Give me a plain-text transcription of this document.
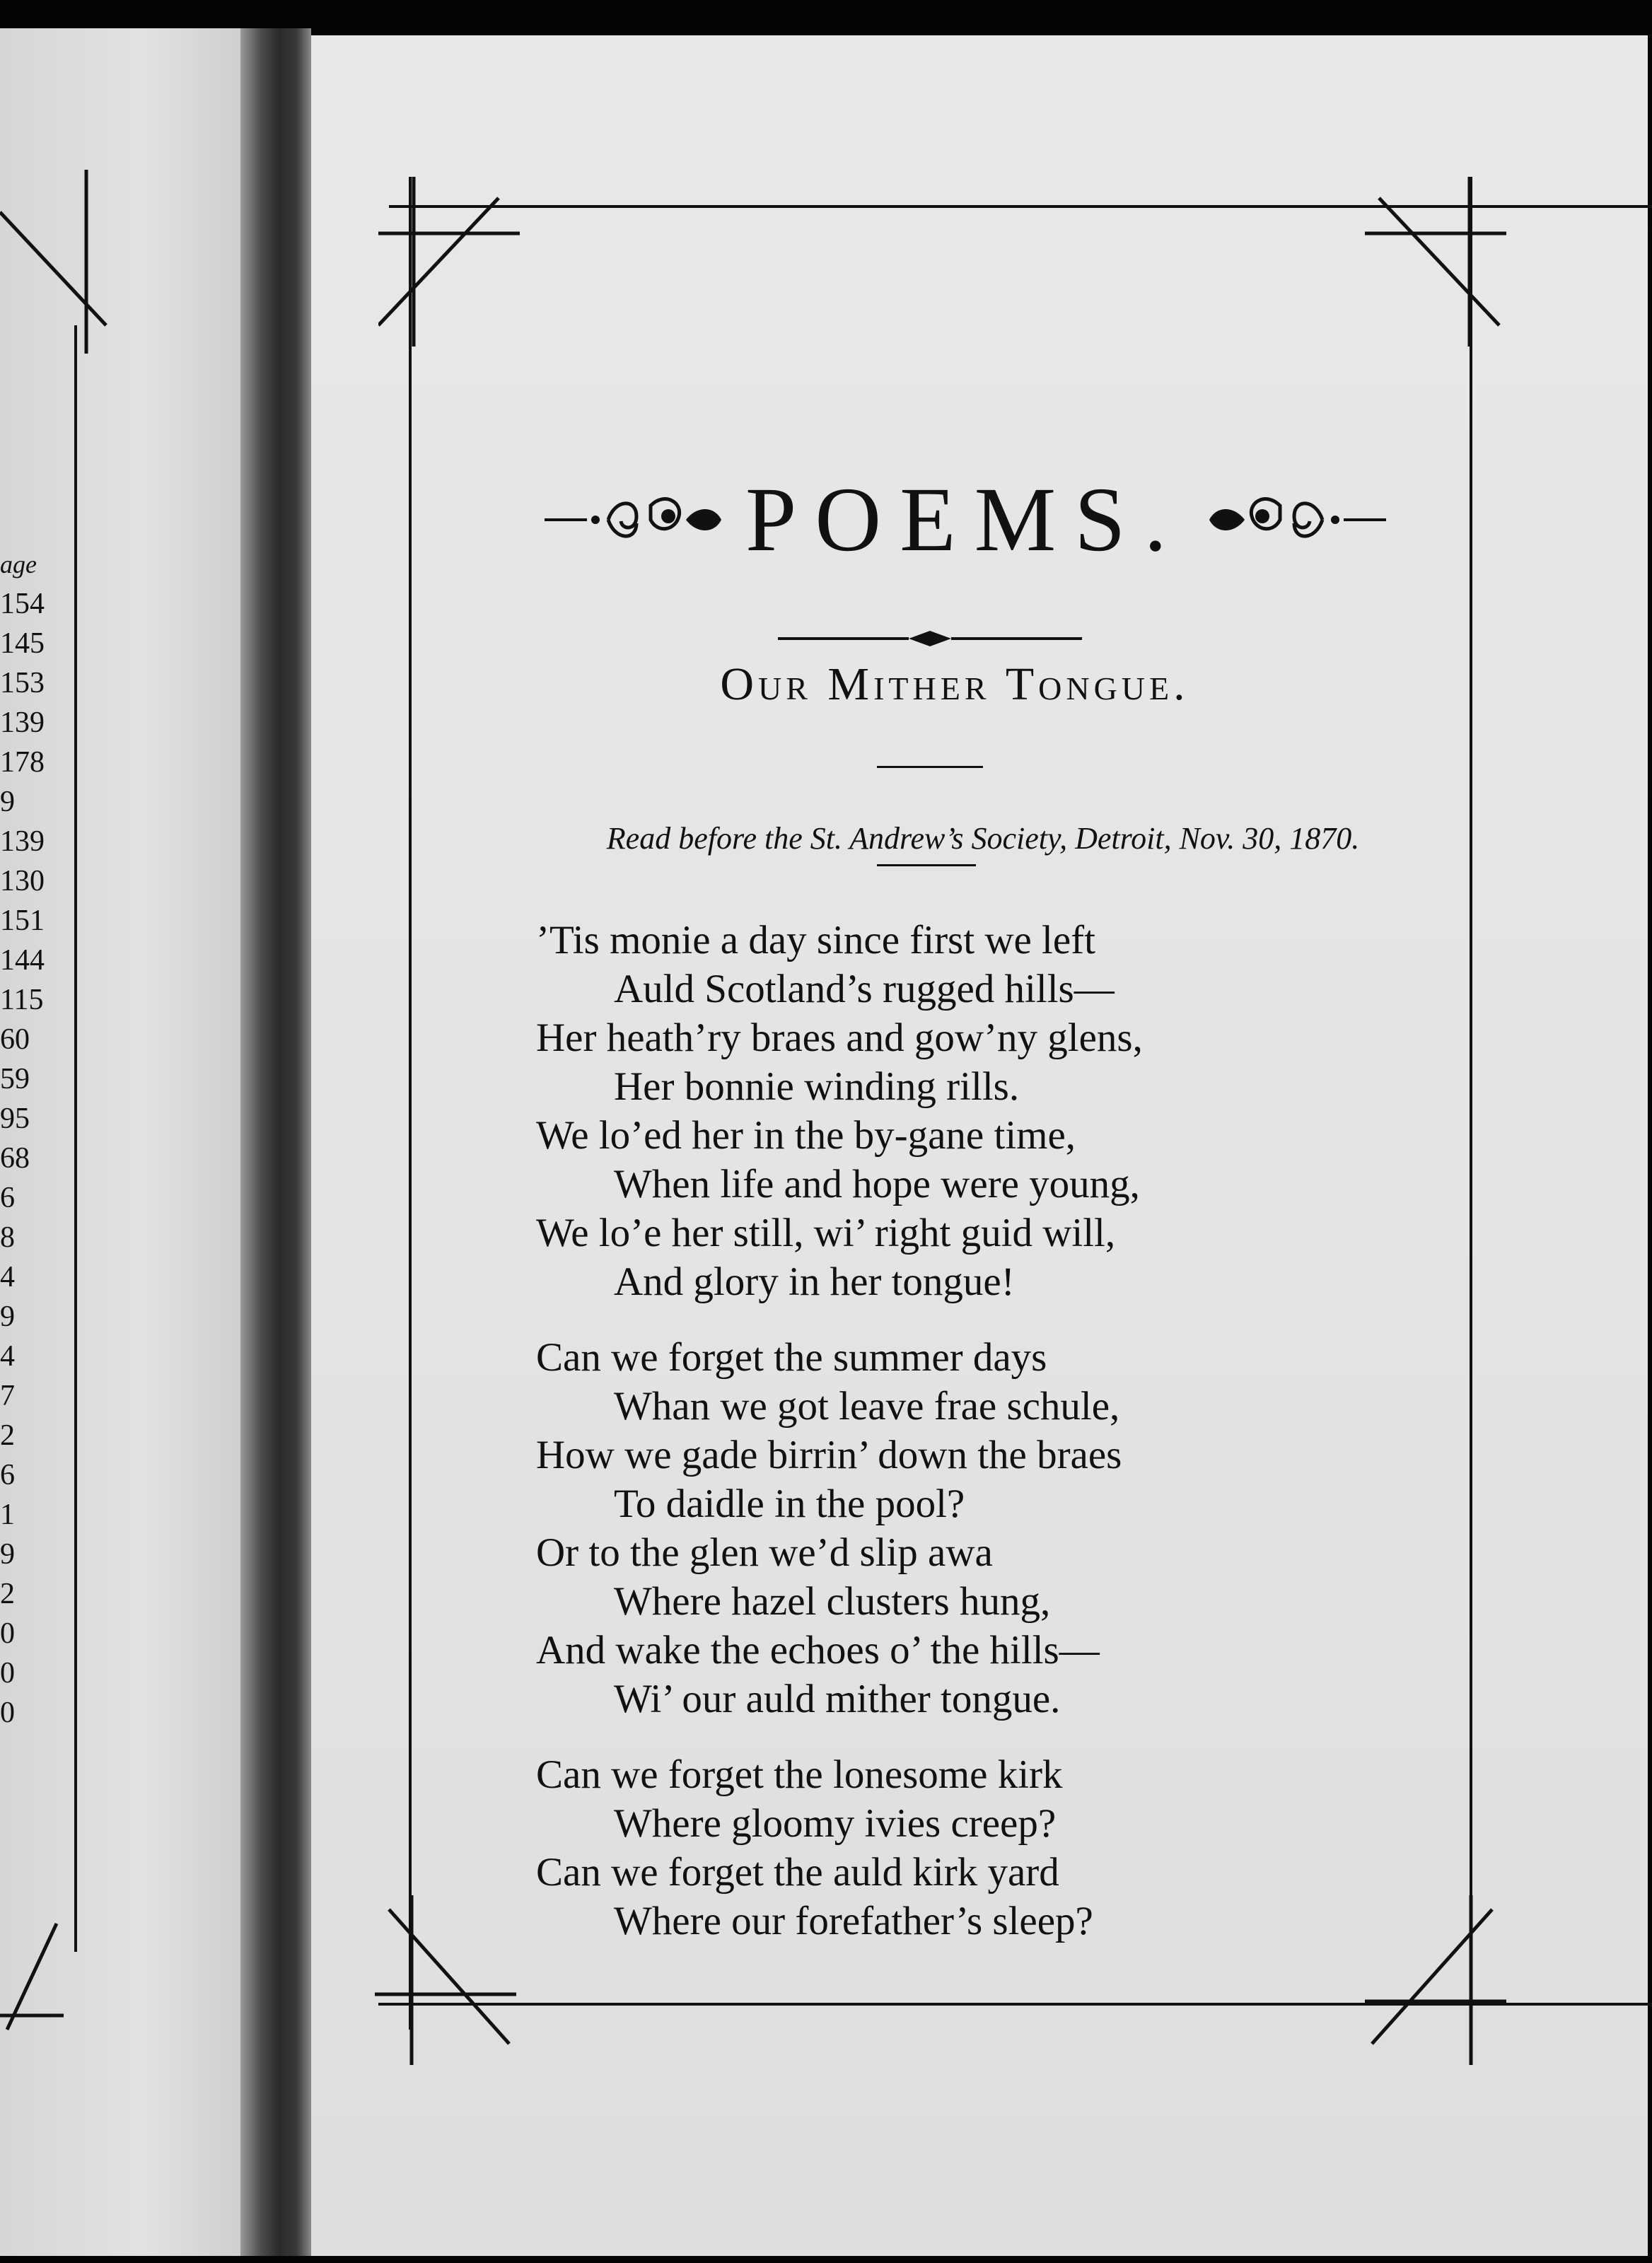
age
154
145
153
139
178
9
139
130
151
144
115
60
59
95
68
6
8
4
9
4
7
2
6
1
9
2
0
0
0
POEMS.
Our Mither Tongue.
Read before the St. Andrew’s Society, Detroit, Nov. 30, 1870.
’Tis monie a day since first we left
Auld Scotland’s rugged hills—
Her heath’ry braes and gow’ny glens,
Her bonnie winding rills.
We lo’ed her in the by-gane time,
When life and hope were young,
We lo’e her still, wi’ right guid will,
And glory in her tongue!
Can we forget the summer days
Whan we got leave frae schule,
How we gade birrin’ down the braes
To daidle in the pool?
Or to the glen we’d slip awa
Where hazel clusters hung,
And wake the echoes o’ the hills—
Wi’ our auld mither tongue.
Can we forget the lonesome kirk
Where gloomy ivies creep?
Can we forget the auld kirk yard
Where our forefather’s sleep?
